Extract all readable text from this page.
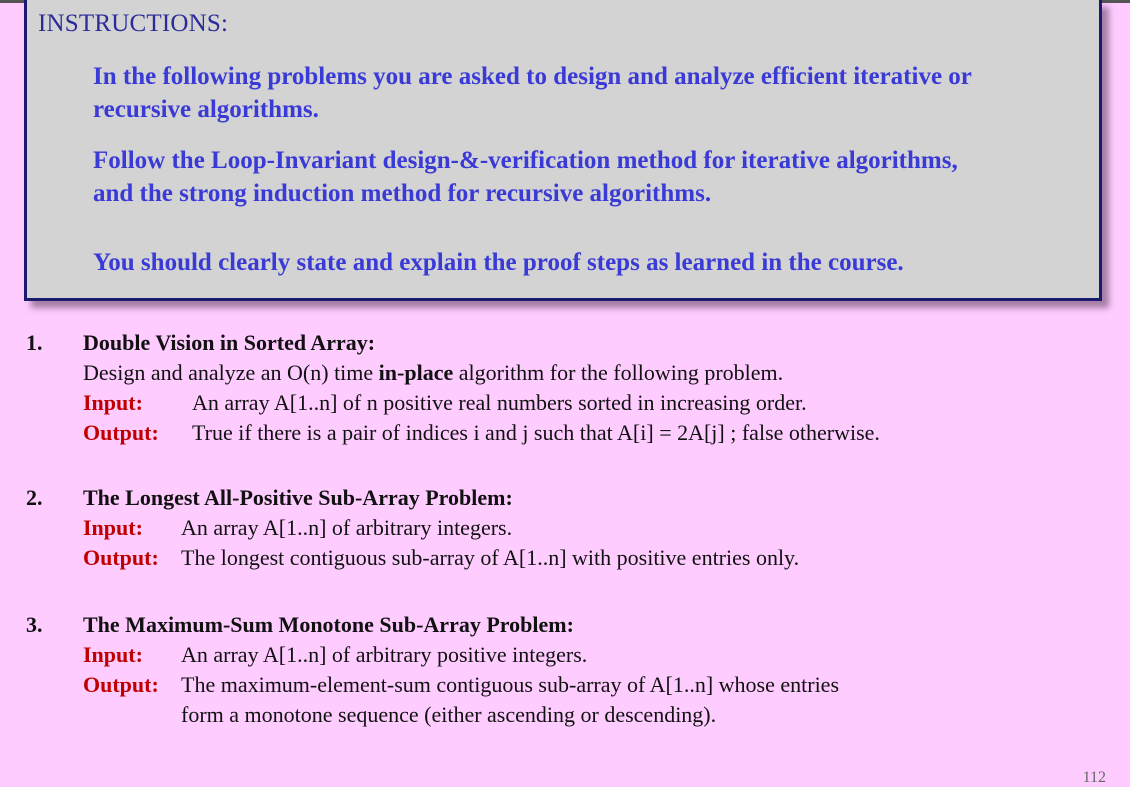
INSTRUCTIONS:
In the following problems you are asked to design and analyze efficient iterative or
recursive algorithms.
Follow the Loop-Invariant design-&-verification method for iterative algorithms,
and the strong induction method for recursive algorithms.
You should clearly state and explain the proof steps as learned in the course.
1. Double Vision in Sorted Array:
Design and analyze an O(n) time in-place algorithm for the following problem.
Input: An array A[1..n] of n positive real numbers sorted in increasing order.
Output: True if there is a pair of indices i and j such that A[i] = 2A[j] ; false otherwise.
2. The Longest All-Positive Sub-Array Problem:
Input: An array A[1..n] of arbitrary integers.
Output: The longest contiguous sub-array of A[1..n] with positive entries only.
3. The Maximum-Sum Monotone Sub-Array Problem:
Input: An array A[1..n] of arbitrary positive integers.
Output: The maximum-element-sum contiguous sub-array of A[1..n] whose entries
form a monotone sequence (either ascending or descending).
112
